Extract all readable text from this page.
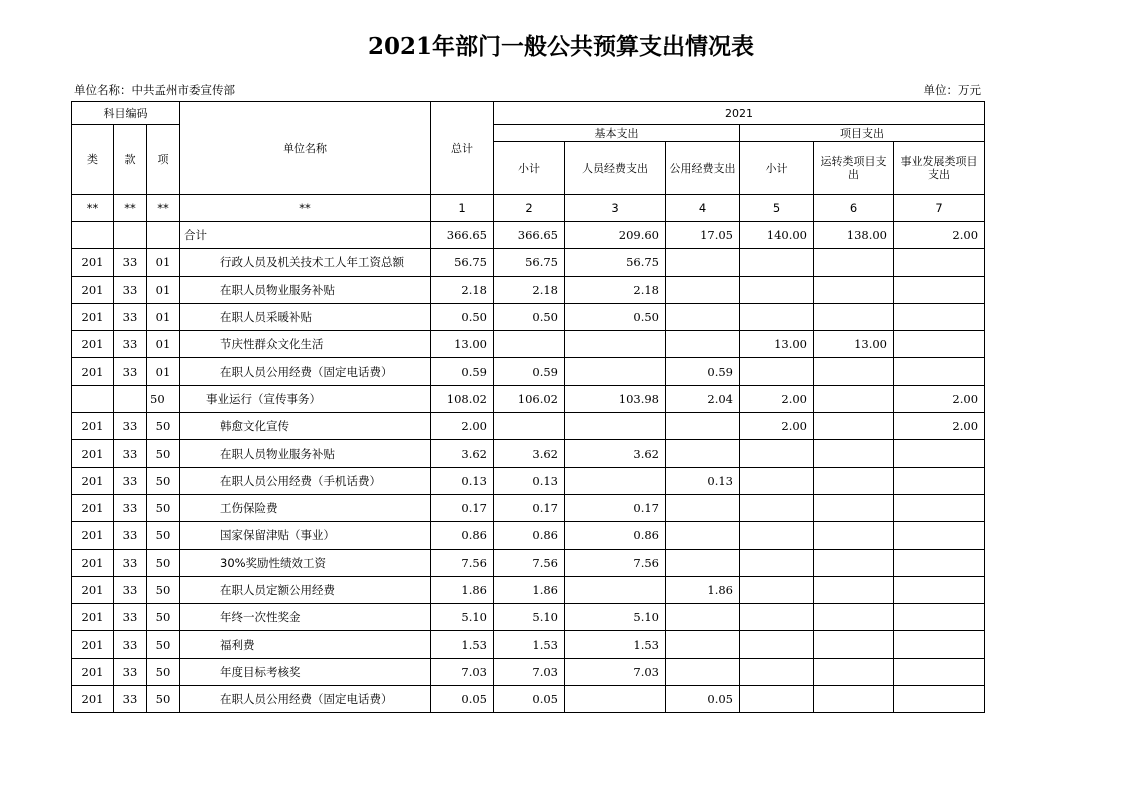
2021年部门一般公共预算支出情况表
单位名称：中共孟州市委宣传部	单位：万元
科目编码			单位名称	总计	2021					
类	款	项			基本支出			项目支出		
					小计	人员经费支出	公用经费支出	小计	运转类项目支出	事业发展类项目支出
**	**	**	**	1	2	3	4	5	6	7
			合计	366.65	366.65	209.60	17.05	140.00	138.00	2.00
201	33	01	行政人员及机关技术工人年工资总额	56.75	56.75	56.75				
201	33	01	在职人员物业服务补贴	2.18	2.18	2.18				
201	33	01	在职人员采暖补贴	0.50	0.50	0.50				
201	33	01	节庆性群众文化生活	13.00				13.00	13.00	
201	33	01	在职人员公用经费（固定电话费）	0.59	0.59		0.59			
		50	事业运行（宣传事务）	108.02	106.02	103.98	2.04	2.00		2.00
201	33	50	韩愈文化宣传	2.00				2.00		2.00
201	33	50	在职人员物业服务补贴	3.62	3.62	3.62				
201	33	50	在职人员公用经费（手机话费）	0.13	0.13		0.13			
201	33	50	工伤保险费	0.17	0.17	0.17				
201	33	50	国家保留津贴（事业）	0.86	0.86	0.86				
201	33	50	30%奖励性绩效工资	7.56	7.56	7.56				
201	33	50	在职人员定额公用经费	1.86	1.86		1.86			
201	33	50	年终一次性奖金	5.10	5.10	5.10				
201	33	50	福利费	1.53	1.53	1.53				
201	33	50	年度目标考核奖	7.03	7.03	7.03				
201	33	50	在职人员公用经费（固定电话费）	0.05	0.05		0.05			
